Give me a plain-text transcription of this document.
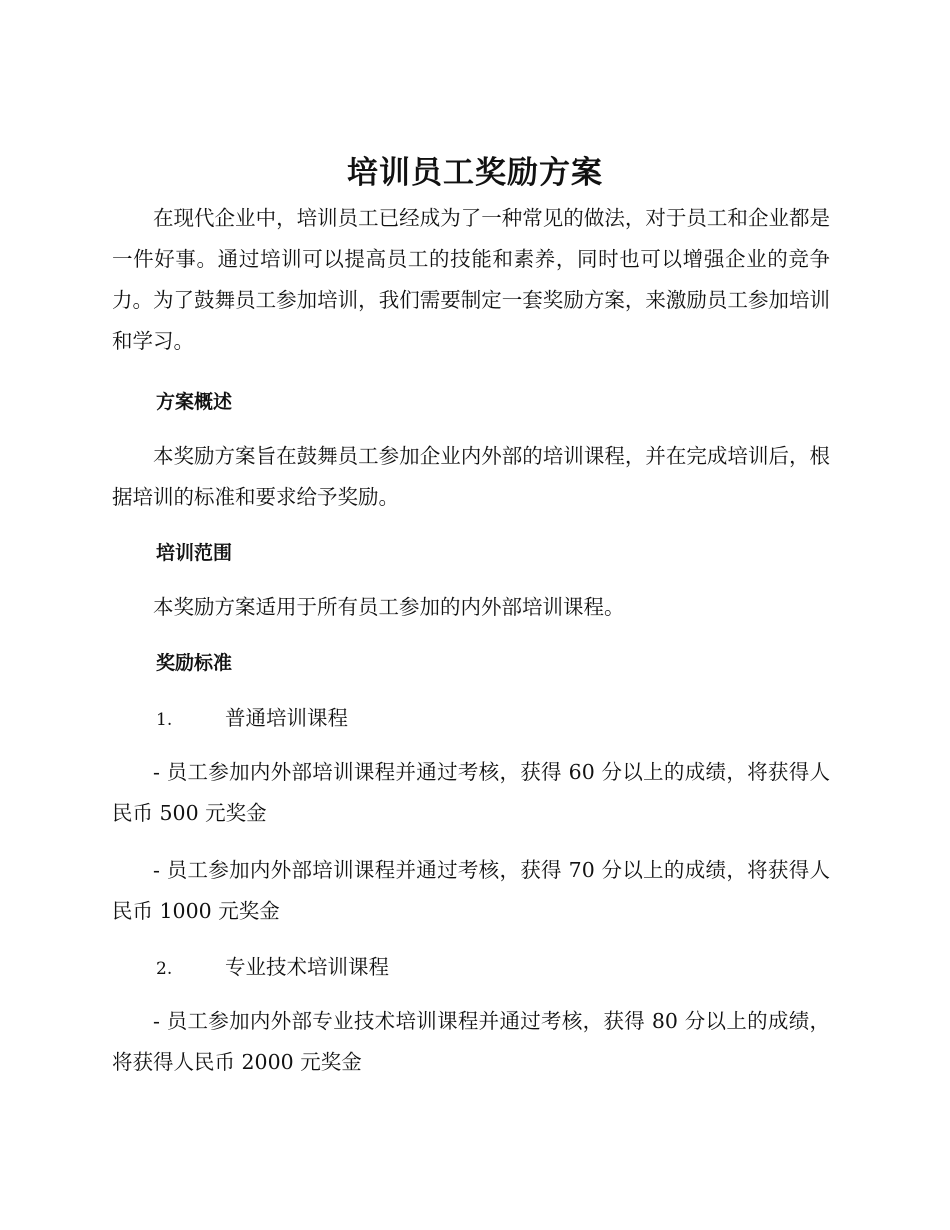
培训员工奖励方案

在现代企业中，培训员工已经成为了一种常见的做法，对于员工和企业都是一件好事。通过培训可以提高员工的技能和素养，同时也可以增强企业的竞争力。为了鼓舞员工参加培训，我们需要制定一套奖励方案，来激励员工参加培训和学习。

方案概述

本奖励方案旨在鼓舞员工参加企业内外部的培训课程，并在完成培训后，根据培训的标准和要求给予奖励。

培训范围

本奖励方案适用于所有员工参加的内外部培训课程。

奖励标准
1.	普通培训课程

- 员工参加内外部培训课程并通过考核，获得 60 分以上的成绩，将获得人民币 500 元奖金

- 员工参加内外部培训课程并通过考核，获得 70 分以上的成绩，将获得人民币 1000 元奖金

2.	专业技术培训课程

- 员工参加内外部专业技术培训课程并通过考核，获得 80 分以上的成绩，将获得人民币 2000 元奖金
